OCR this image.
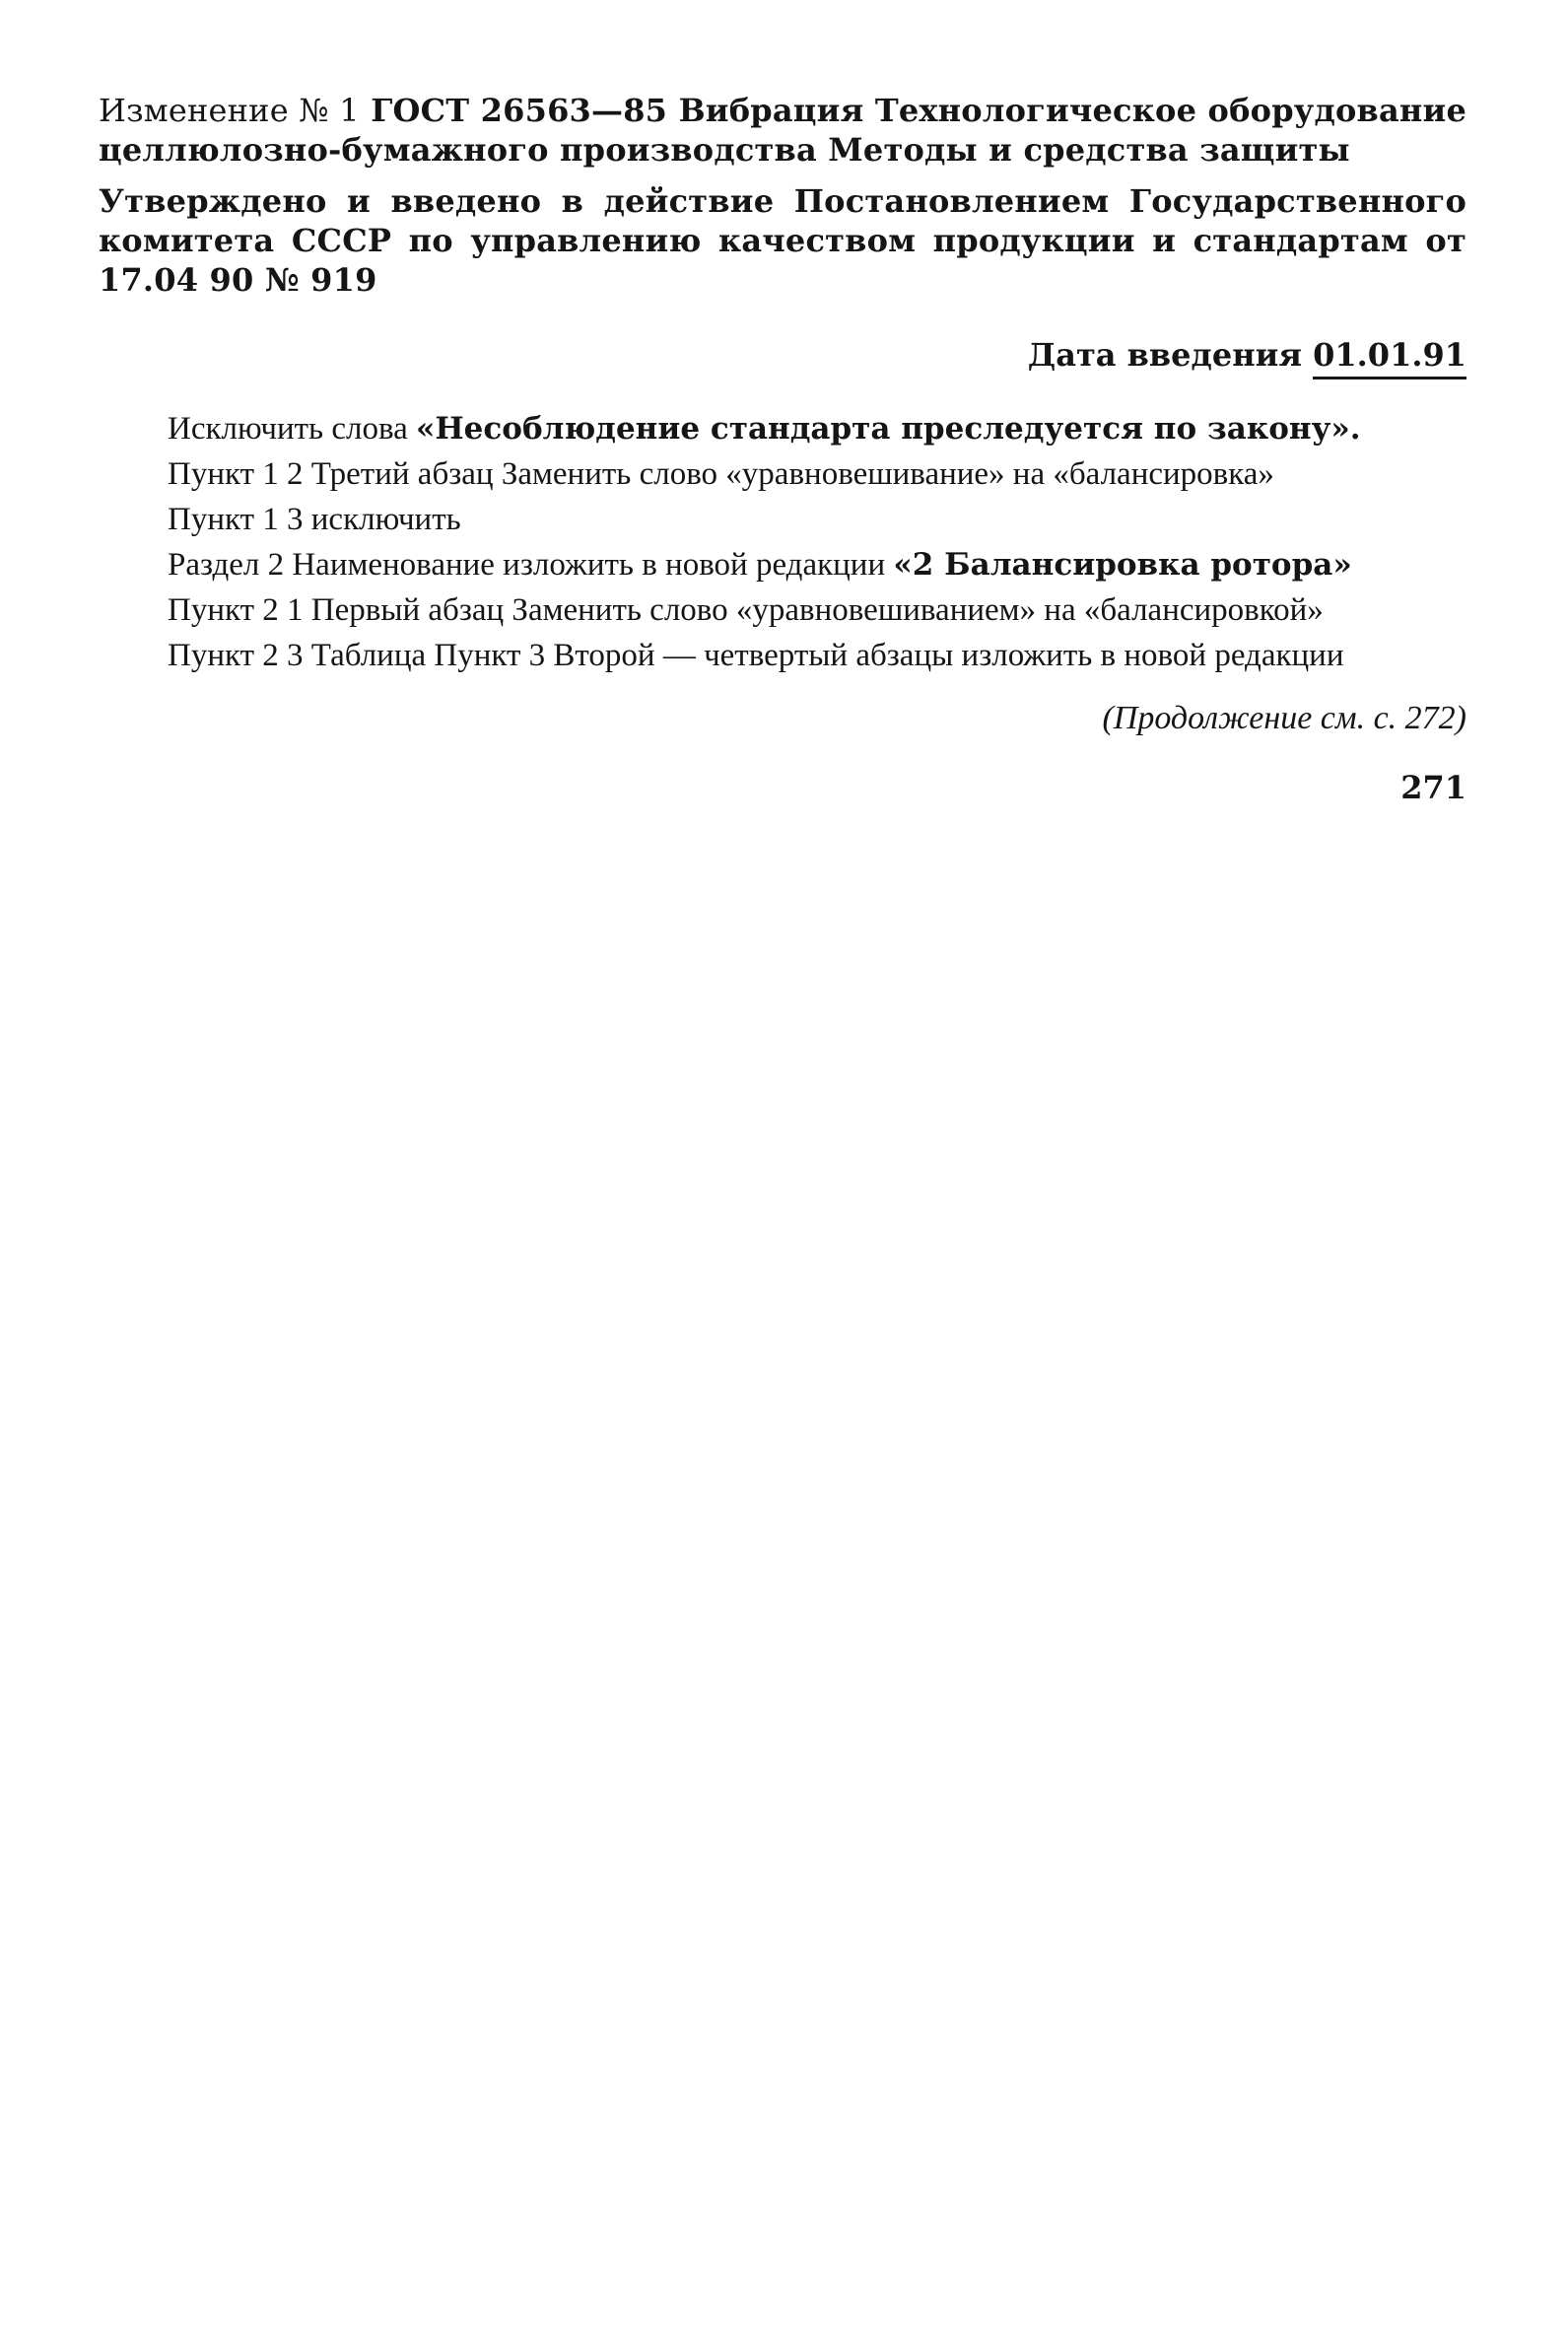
Изменение № 1 ГОСТ 26563—85 Вибрация Технологическое оборудование целлюлозно-бумажного производства Методы и средства защиты

Утверждено и введено в действие Постановлением Государственного комитета СССР по управлению качеством продукции и стандартам от 17.04 90 № 919

Дата введения 01.01.91

Исключить слова «Несоблюдение стандарта преследуется по закону».

Пункт 1 2 Третий абзац Заменить слово «уравновешивание» на «балансировка»

Пункт 1 3 исключить

Раздел 2 Наименование изложить в новой редакции «2 Балансировка ротора»

Пункт 2 1 Первый абзац Заменить слово «уравновешиванием» на «балансировкой»

Пункт 2 3 Таблица Пункт 3 Второй — четвертый абзацы изложить в новой редакции

(Продолжение см. с. 272)
271
